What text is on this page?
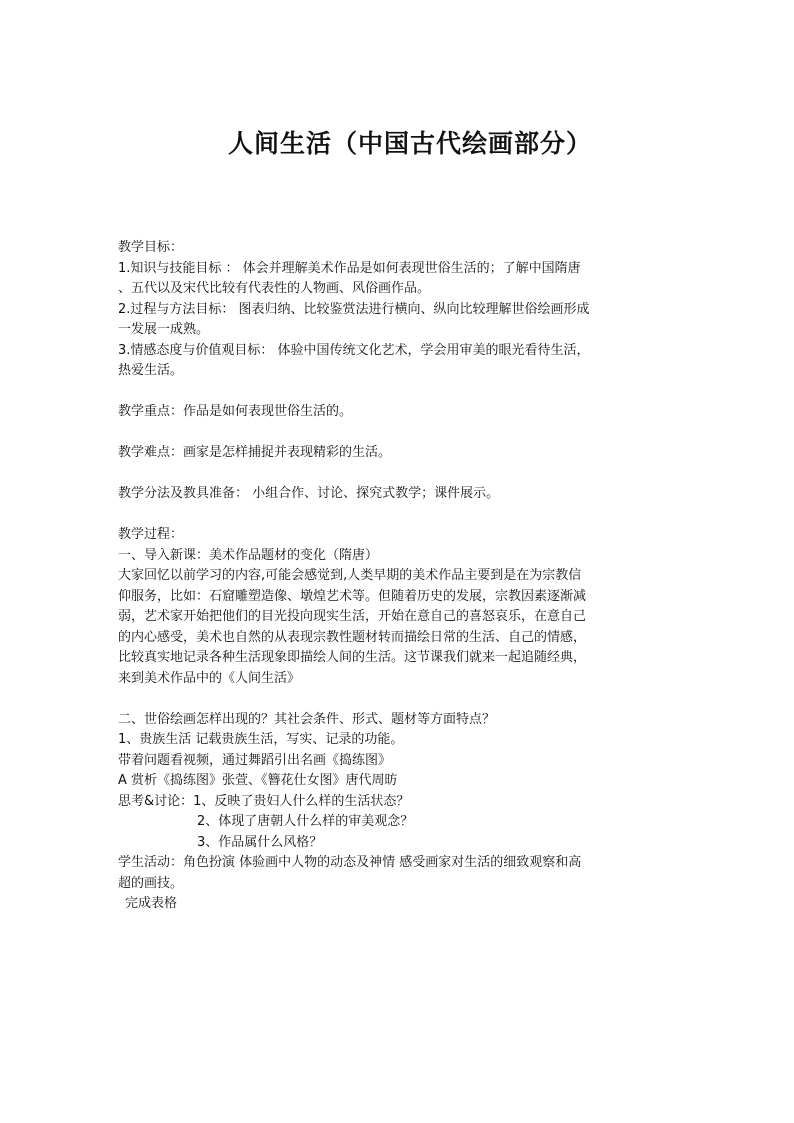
人间生活（中国古代绘画部分）
教学目标：
1.知识与技能目标 ： 体会并理解美术作品是如何表现世俗生活的；了解中国隋唐
、五代以及宋代比较有代表性的人物画、风俗画作品。
2.过程与方法目标： 图表归纳、比较鉴赏法进行横向、纵向比较理解世俗绘画形成
一发展一成熟。
3.情感态度与价值观目标： 体验中国传统文化艺术，学会用审美的眼光看待生活，
热爱生活。
教学重点：作品是如何表现世俗生活的。
教学难点：画家是怎样捕捉并表现精彩的生活。
教学分法及教具准备： 小组合作、讨论、探究式教学；课件展示。
教学过程：
一、导入新课：美术作品题材的变化（隋唐）
大家回忆以前学习的内容,可能会感觉到,人类早期的美术作品主要到是在为宗教信
仰服务，比如：石窟雕塑造像、墩煌艺术等。但随着历史的发展，宗教因素逐渐减
弱，艺术家开始把他们的目光投向现实生活，开始在意自己的喜怒哀乐，在意自己
的内心感受，美术也自然的从表现宗教性题材转而描绘日常的生活、自己的情感，
比较真实地记录各种生活现象即描绘人间的生活。这节课我们就来一起追随经典，
来到美术作品中的《人间生活》
二、世俗绘画怎样出现的？其社会条件、形式、题材等方面特点？
1、贵族生活 记载贵族生活，写实、记录的功能。
带着问题看视频，通过舞蹈引出名画《捣练图》
A 赏析《捣练图》张萱、《簪花仕女图》唐代周昉
思考&讨论：1、反映了贵妇人什么样的生活状态？
2、体现了唐朝人什么样的审美观念？
3、作品属什么风格？
学生活动：角色扮演 体验画中人物的动态及神情 感受画家对生活的细致观察和高
超的画技。
完成表格
